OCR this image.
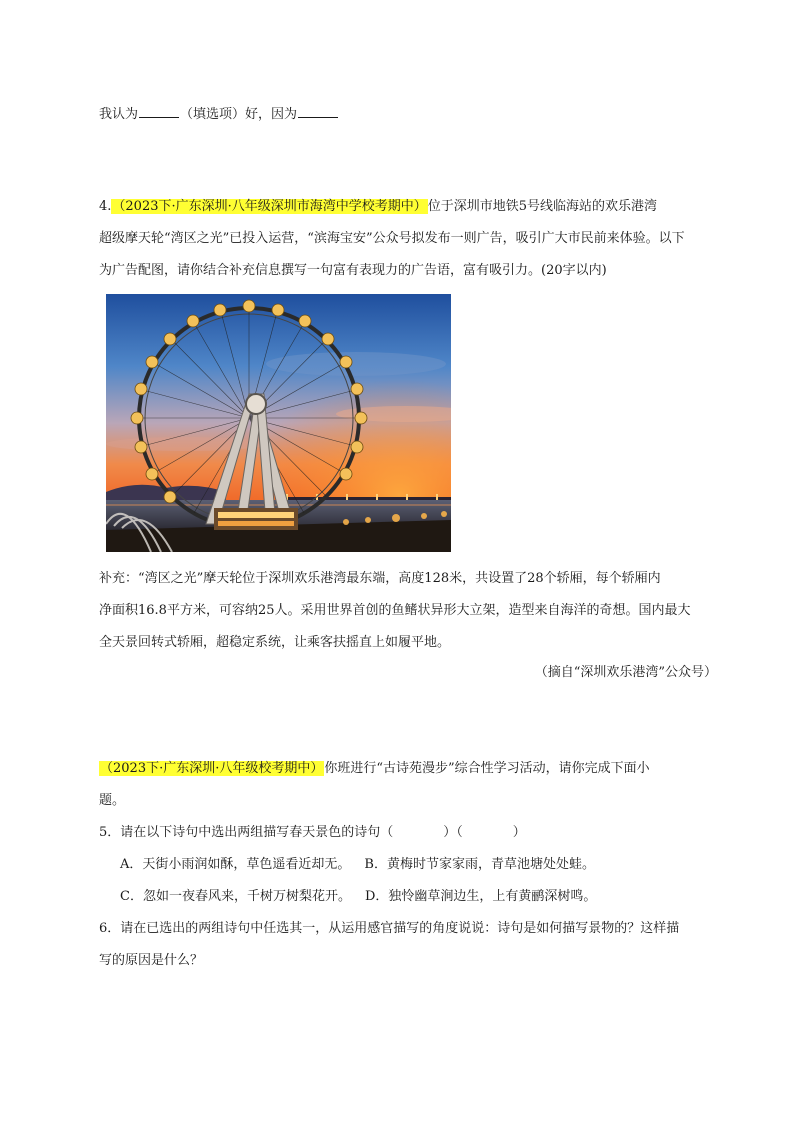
我认为	（填选项）好，因为
4.（2023下·广东深圳·八年级深圳市海湾中学校考期中）位于深圳市地铁5号线临海站的欢乐港湾
超级摩天轮“湾区之光”已投入运营，“滨海宝安”公众号拟发布一则广告，吸引广大市民前来体验。以下
为广告配图，请你结合补充信息撰写一句富有表现力的广告语，富有吸引力。(20字以内)
补充：“湾区之光”摩天轮位于深圳欢乐港湾最东端，高度128米，共设置了28个轿厢，每个轿厢内
净面积16.8平方米，可容纳25人。采用世界首创的鱼鳍状异形大立架，造型来自海洋的奇想。国内最大
全天景回转式轿厢，超稳定系统，让乘客扶摇直上如履平地。
（摘自“深圳欢乐港湾”公众号）
（2023下·广东深圳·八年级校考期中）你班进行“古诗苑漫步”综合性学习活动，请你完成下面小
题。
5．请在以下诗句中选出两组描写春天景色的诗句（	）（	）
A．天街小雨润如酥，草色遥看近却无。 B．黄梅时节家家雨，青草池塘处处蛙。
C．忽如一夜春风来，千树万树梨花开。 D．独怜幽草涧边生，上有黄鹂深树鸣。
6．请在已选出的两组诗句中任选其一，从运用感官描写的角度说说：诗句是如何描写景物的？这样描
写的原因是什么？
